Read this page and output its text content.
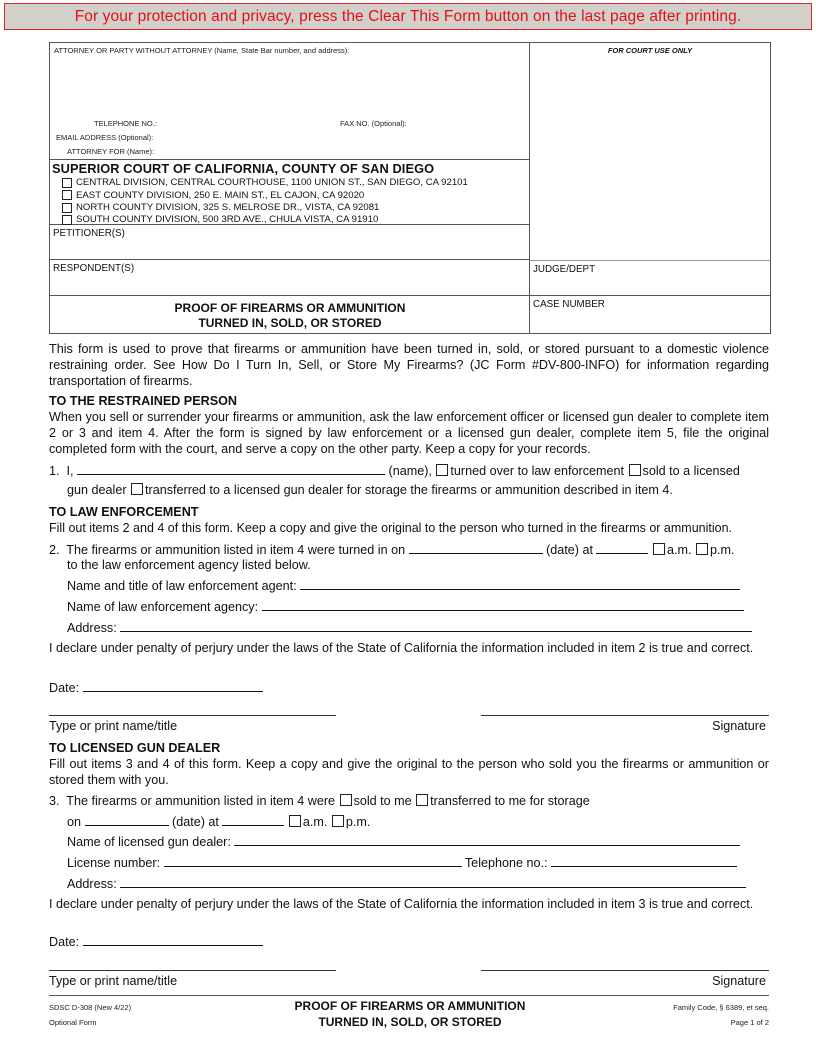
For your protection and privacy, press the Clear This Form button on the last page after printing.
ATTORNEY OR PARTY WITHOUT ATTORNEY (Name, State Bar number, and address):
TELEPHONE NO.:	FAX NO. (Optional):
EMAIL ADDRESS (Optional):
ATTORNEY FOR (Name):
FOR COURT USE ONLY
SUPERIOR COURT OF CALIFORNIA, COUNTY OF SAN DIEGO
CENTRAL DIVISION, CENTRAL COURTHOUSE, 1100 UNION ST., SAN DIEGO, CA 92101
EAST COUNTY DIVISION, 250 E. MAIN ST., EL CAJON, CA 92020
NORTH COUNTY DIVISION, 325 S. MELROSE DR., VISTA, CA 92081
SOUTH COUNTY DIVISION, 500 3RD AVE., CHULA VISTA, CA 91910
PETITIONER(S)
RESPONDENT(S)	JUDGE/DEPT
PROOF OF FIREARMS OR AMMUNITION
TURNED IN, SOLD, OR STORED
CASE NUMBER
This form is used to prove that firearms or ammunition have been turned in, sold, or stored pursuant to a domestic violence restraining order. See How Do I Turn In, Sell, or Store My Firearms? (JC Form #DV-800-INFO) for information regarding transportation of firearms.
TO THE RESTRAINED PERSON
When you sell or surrender your firearms or ammunition, ask the law enforcement officer or licensed gun dealer to complete item 2 or 3 and item 4. After the form is signed by law enforcement or a licensed gun dealer, complete item 5, file the original completed form with the court, and serve a copy on the other party. Keep a copy for your records.
1. I,	(name), turned over to law enforcement sold to a licensed
gun dealer transferred to a licensed gun dealer for storage the firearms or ammunition described in item 4.
TO LAW ENFORCEMENT
Fill out items 2 and 4 of this form. Keep a copy and give the original to the person who turned in the firearms or ammunition.
2. The firearms or ammunition listed in item 4 were turned in on	(date) at	a.m. p.m.
to the law enforcement agency listed below.
Name and title of law enforcement agent:
Name of law enforcement agency:
Address:
I declare under penalty of perjury under the laws of the State of California the information included in item 2 is true and correct.
Date:
Type or print name/title	Signature
TO LICENSED GUN DEALER
Fill out items 3 and 4 of this form. Keep a copy and give the original to the person who sold you the firearms or ammunition or stored them with you.
3. The firearms or ammunition listed in item 4 were sold to me transferred to me for storage
on	(date) at	a.m. p.m.
Name of licensed gun dealer:
License number:	Telephone no.:
Address:
I declare under penalty of perjury under the laws of the State of California the information included in item 3 is true and correct.
Date:
Type or print name/title	Signature
SDSC D-308 (New 4/22)
Optional Form
PROOF OF FIREARMS OR AMMUNITION
TURNED IN, SOLD, OR STORED
Family Code, § 6389, et seq.
Page 1 of 2
